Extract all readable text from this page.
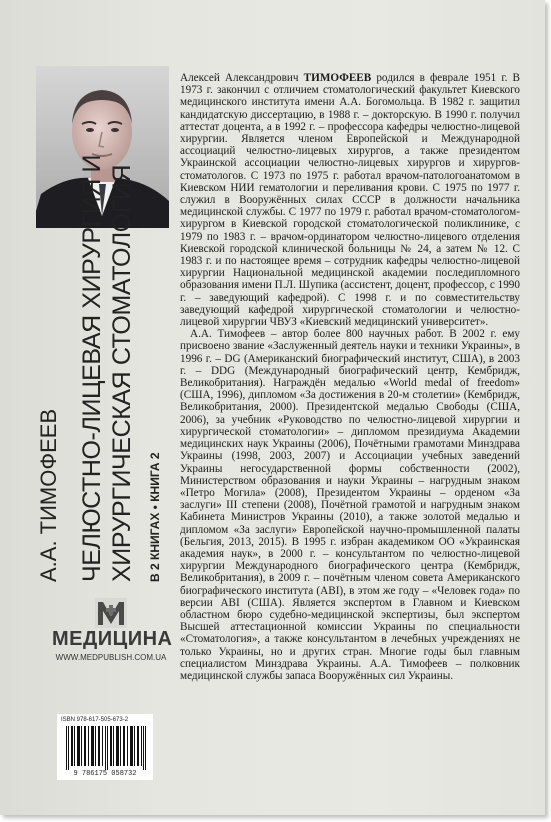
А.А. ТИМОФЕЕВ ЧЕЛЮСТНО-ЛИЦЕВАЯ ХИРУРГИЯ И ХИРУРГИЧЕСКАЯ СТОМАТОЛОГИЯ В 2 КНИГАХ • КНИГА 2
МЕДИЦИНА
WWW.MEDPUBLISH.COM.UA
ISBN 978-617-505-673-2
9 786175 058732

Алексей Александрович ТИМОФЕЕВ родился в феврале 1951 г. В 1973 г. закончил с отличием стоматологический факультет Киевского медицинского института имени А.А. Богомольца. В 1982 г. защитил кандидатскую диссертацию, в 1988 г. – докторскую. В 1990 г. получил аттестат доцента, а в 1992 г. – профессора кафедры челюстно-лицевой хирургии. Является членом Европейской и Международной ассоциаций челюстно-лицевых хирургов, а также президентом Украинской ассоциации челюстно-лицевых хирургов и хирургов-стоматологов. С 1973 по 1975 г. работал врачом-патологоанатомом в Киевском НИИ гематологии и переливания крови. С 1975 по 1977 г. служил в Вооружённых силах СССР в должности начальника медицинской службы. С 1977 по 1979 г. работал врачом-стоматологом-хирургом в Киевской городской стоматологической поликлинике, с 1979 по 1983 г. – врачом-ординатором челюстно-лицевого отделения Киевской городской клинической больницы № 24, а затем № 12. С 1983 г. и по настоящее время – сотрудник кафедры челюстно-лицевой хирургии Национальной медицинской академии последипломного образования имени П.Л. Шупика (ассистент, доцент, профессор, с 1990 г. – заведующий кафедрой). С 1998 г. и по совместительству заведующий кафедрой хирургической стоматологии и челюстно-лицевой хирургии ЧВУЗ «Киевский медицинский университет».

А.А. Тимофеев – автор более 800 научных работ. В 2002 г. ему присвоено звание «Заслуженный деятель науки и техники Украины», в 1996 г. – DG (Американский биографический институт, США), в 2003 г. – DDG (Международный биографический центр, Кембридж, Великобритания). Награждён медалью «World medal of freedom» (США, 1996), дипломом «За достижения в 20-м столетии» (Кембридж, Великобритания, 2000). Президентской медалью Свободы (США, 2006), за учебник «Руководство по челюстно-лицевой хирургии и хирургической стоматологии» – дипломом президиума Академии медицинских наук Украины (2006), Почётными грамотами Минздрава Украины (1998, 2003, 2007) и Ассоциации учебных заведений Украины негосударственной формы собственности (2002), Министерством образования и науки Украины – нагрудным знаком «Петро Могила» (2008), Президентом Украины – орденом «За заслуги» III степени (2008), Почётной грамотой и нагрудным знаком Кабинета Министров Украины (2010), а также золотой медалью и дипломом «За заслуги» Европейской научно-промышленной палаты (Бельгия, 2013, 2015). В 1995 г. избран академиком ОО «Украинская академия наук», в 2000 г. – консультантом по челюстно-лицевой хирургии Международного биографического центра (Кембридж, Великобритания), в 2009 г. – почётным членом совета Американского биографического института (ABI), в этом же году – «Человек года» по версии ABI (США). Является экспертом в Главном и Киевском областном бюро судебно-медицинской экспертизы, был экспертом Высшей аттестационной комиссии Украины по специальности «Стоматология», а также консультантом в лечебных учреждениях не только Украины, но и других стран. Многие годы был главным специалистом Минздрава Украины. А.А. Тимофеев – полковник медицинской службы запаса Вооружённых сил Украины.
